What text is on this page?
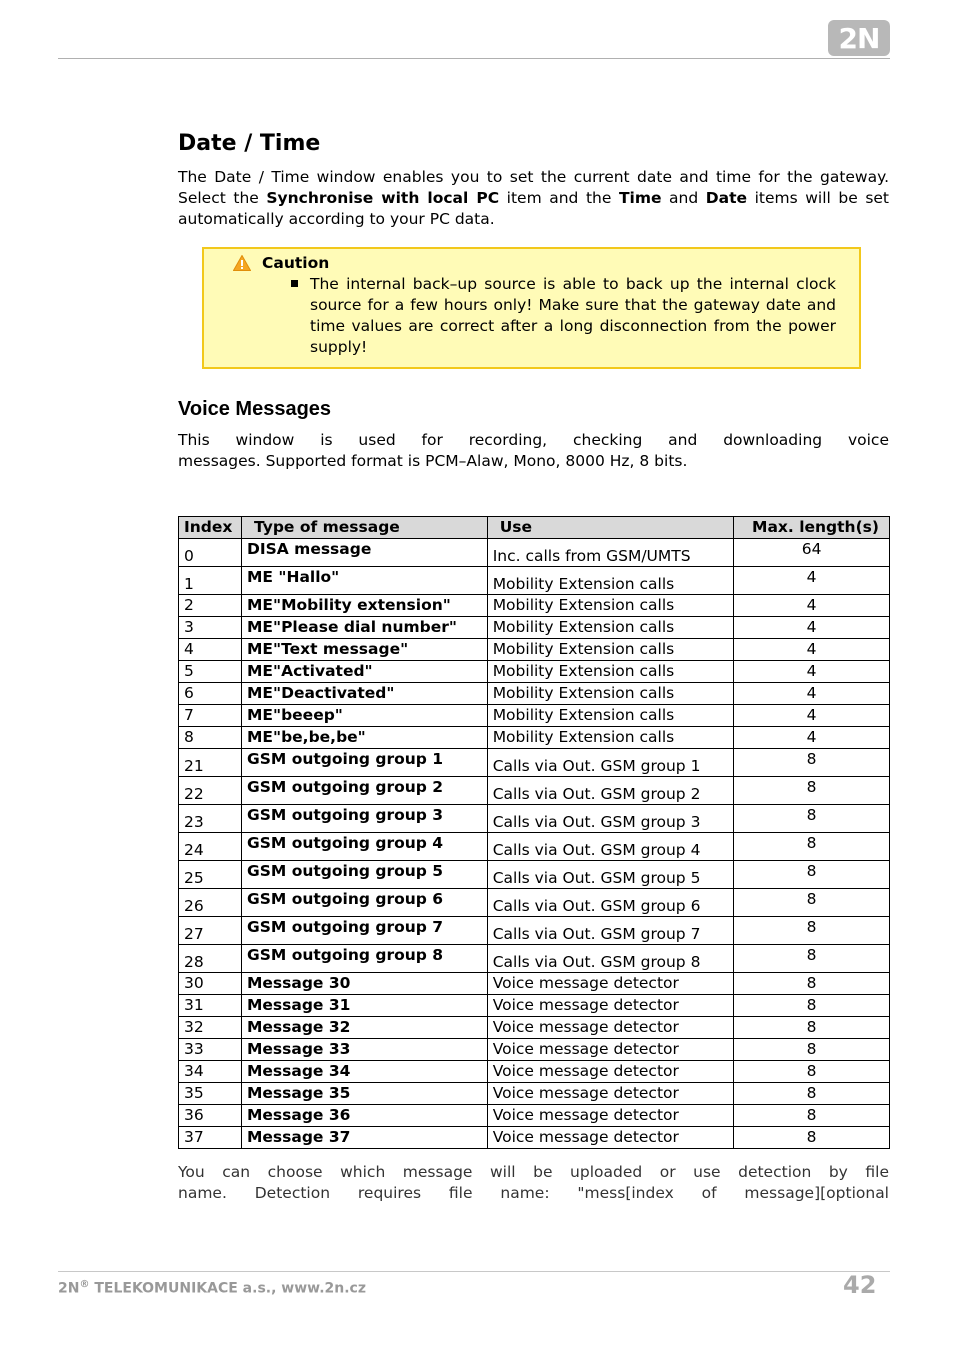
2N
Date / Time
The Date / Time window enables you to set the current date and time for the gateway. Select the Synchronise with local PC item and the Time and Date items will be set automatically according to your PC data.
Caution
The internal back–up source is able to back up the internal clock source for a few hours only! Make sure that the gateway date and time values are correct after a long disconnection from the power supply!
Voice Messages
This window is used for recording, checking and downloading voice
messages. Supported format is PCM–Alaw, Mono, 8000 Hz, 8 bits.
Index	Type of message	Use	Max. length(s)
0	DISA message	Inc. calls from GSM/UMTS	64
1	ME "Hallo"	Mobility Extension calls	4
2	ME"Mobility extension"	Mobility Extension calls	4
3	ME"Please dial number"	Mobility Extension calls	4
4	ME"Text message"	Mobility Extension calls	4
5	ME"Activated"	Mobility Extension calls	4
6	ME"Deactivated"	Mobility Extension calls	4
7	ME"beeep"	Mobility Extension calls	4
8	ME"be,be,be"	Mobility Extension calls	4
21	GSM outgoing group 1	Calls via Out. GSM group 1	8
22	GSM outgoing group 2	Calls via Out. GSM group 2	8
23	GSM outgoing group 3	Calls via Out. GSM group 3	8
24	GSM outgoing group 4	Calls via Out. GSM group 4	8
25	GSM outgoing group 5	Calls via Out. GSM group 5	8
26	GSM outgoing group 6	Calls via Out. GSM group 6	8
27	GSM outgoing group 7	Calls via Out. GSM group 7	8
28	GSM outgoing group 8	Calls via Out. GSM group 8	8
30	Message 30	Voice message detector	8
31	Message 31	Voice message detector	8
32	Message 32	Voice message detector	8
33	Message 33	Voice message detector	8
34	Message 34	Voice message detector	8
35	Message 35	Voice message detector	8
36	Message 36	Voice message detector	8
37	Message 37	Voice message detector	8
You can choose which message will be uploaded or use detection by file
name. Detection requires file name: "mess[index of message][optional
2N® TELEKOMUNIKACE a.s., www.2n.cz	42
